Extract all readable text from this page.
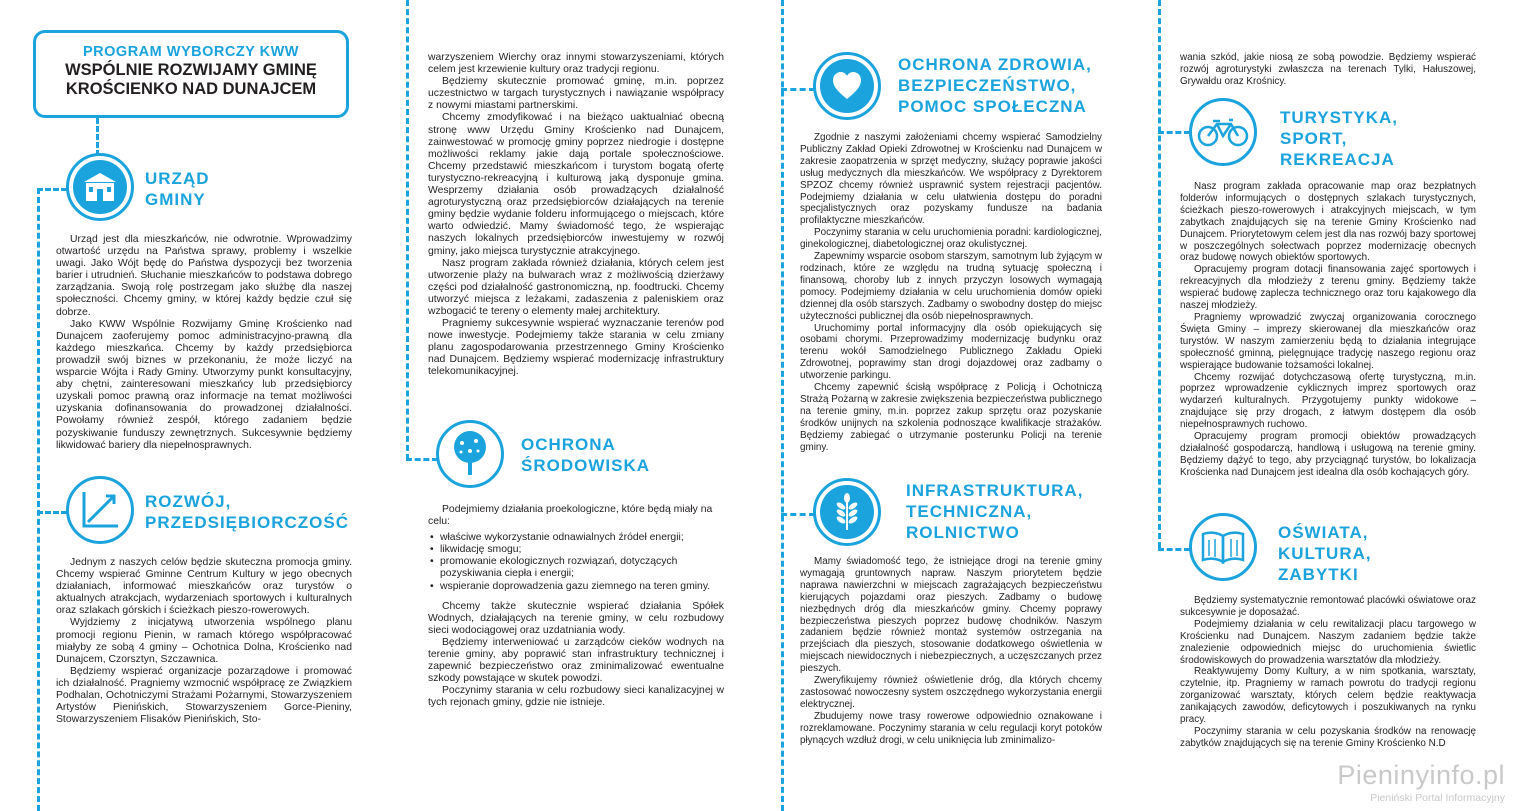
PROGRAM WYBORCZY KWW
WSPÓLNIE ROZWIJAMY GMINĘ
KROŚCIENKO NAD DUNAJCEM
URZĄD
GMINY

Urząd jest dla mieszkańców, nie odwrotnie. Wprowadzimy otwartość urzędu na Państwa sprawy, problemy i wszelkie uwagi. Jako Wójt będę do Państwa dyspozycji bez tworzenia barier i utrudnień. Słuchanie mieszkańców to podstawa dobrego zarządzania. Swoją rolę postrzegam jako służbę dla naszej społeczności. Chcemy gminy, w której każdy będzie czuł się dobrze.

Jako KWW Wspólnie Rozwijamy Gminę Krościenko nad Dunajcem zaoferujemy pomoc administracyjno-prawną dla każdego mieszkańca. Chcemy by każdy przedsiębiorca prowadził swój biznes w przekonaniu, że może liczyć na wsparcie Wójta i Rady Gminy. Utworzymy punkt konsultacyjny, aby chętni, zainteresowani mieszkańcy lub przedsiębiorcy uzyskali pomoc prawną oraz informacje na temat możliwości uzyskania dofinansowania do prowadzonej działalności. Powołamy również zespół, którego zadaniem będzie pozyskiwanie funduszy zewnętrznych. Sukcesywnie będziemy likwidować bariery dla niepełnosprawnych.

ROZWÓJ,
PRZEDSIĘBIORCZOŚĆ

Jednym z naszych celów będzie skuteczna promocja gminy. Chcemy wspierać Gminne Centrum Kultury w jego obecnych działaniach, informować mieszkańców oraz turystów o aktualnych atrakcjach, wydarzeniach sportowych i kulturalnych oraz szlakach górskich i ścieżkach pieszo-rowerowych.

Wyjdziemy z inicjatywą utworzenia wspólnego planu promocji regionu Pienin, w ramach którego współpracować miałyby ze sobą 4 gminy – Ochotnica Dolna, Krościenko nad Dunajcem, Czorsztyn, Szczawnica.

Będziemy wspierać organizacje pozarządowe i promować ich działalność. Pragniemy wzmocnić współpracę ze Związkiem Podhalan, Ochotniczymi Strażami Pożarnymi, Stowarzyszeniem Artystów Pienińskich, Stowarzyszeniem Gorce-Pieniny, Stowarzyszeniem Flisaków Pienińskich, Sto-

warzyszeniem Wierchy oraz innymi stowarzyszeniami, których celem jest krzewienie kultury oraz tradycji regionu.

Będziemy skutecznie promować gminę, m.in. poprzez uczestnictwo w targach turystycznych i nawiązanie współpracy z nowymi miastami partnerskimi.

Chcemy zmodyfikować i na bieżąco uaktualniać obecną stronę www Urzędu Gminy Krościenko nad Dunajcem, zainwestować w promocję gminy poprzez niedrogie i dostępne możliwości reklamy jakie dają portale społecznościowe. Chcemy przedstawić mieszkańcom i turystom bogatą ofertę turystyczno-rekreacyjną i kulturową jaką dysponuje gmina. Wesprzemy działania osób prowadzących działalność agroturystyczną oraz przedsiębiorców działających na terenie gminy będzie wydanie folderu informującego o miejscach, które warto odwiedzić. Mamy świadomość tego, że wspierając naszych lokalnych przedsiębiorców inwestujemy w rozwój gminy, jako miejsca turystycznie atrakcyjnego.

Nasz program zakłada również działania, których celem jest utworzenie plaży na bulwarach wraz z możliwością dzierżawy części pod działalność gastronomiczną, np. foodtrucki. Chcemy utworzyć miejsca z leżakami, zadaszenia z paleniskiem oraz wzbogacić te tereny o elementy małej architektury.

Pragniemy sukcesywnie wspierać wyznaczanie terenów pod nowe inwestycje. Podejmiemy także starania w celu zmiany planu zagospodarowania przestrzennego Gminy Krościenko nad Dunajcem. Będziemy wspierać modernizację infrastruktury telekomunikacyjnej.

OCHRONA
ŚRODOWISKA

Podejmiemy działania proekologiczne, które będą miały na celu:

• właściwe wykorzystanie odnawialnych źródeł energii;
• likwidację smogu;
• promowanie ekologicznych rozwiązań, dotyczących pozyskiwania ciepła i energii;
• wspieranie doprowadzenia gazu ziemnego na teren gminy.

Chcemy także skutecznie wspierać działania Spółek Wodnych, działających na terenie gminy, w celu rozbudowy sieci wodociągowej oraz uzdatniania wody.

Będziemy interweniować u zarządców cieków wodnych na terenie gminy, aby poprawić stan infrastruktury technicznej i zapewnić bezpieczeństwo oraz zminimalizować ewentualne szkody powstające w skutek powodzi.

Poczynimy starania w celu rozbudowy sieci kanalizacyjnej w tych rejonach gminy, gdzie nie istnieje.

OCHRONA ZDROWIA,
BEZPIECZEŃSTWO,
POMOC SPOŁECZNA

Zgodnie z naszymi założeniami chcemy wspierać Samodzielny Publiczny Zakład Opieki Zdrowotnej w Krościenku nad Dunajcem w zakresie zaopatrzenia w sprzęt medyczny, służący poprawie jakości usług medycznych dla mieszkańców. We współpracy z Dyrektorem SPZOZ chcemy również usprawnić system rejestracji pacjentów. Podejmiemy działania w celu ułatwienia dostępu do poradni specjalistycznych oraz pozyskamy fundusze na badania profilaktyczne mieszkańców.

Poczynimy starania w celu uruchomienia poradni: kardiologicznej, ginekologicznej, diabetologicznej oraz okulistycznej.

Zapewnimy wsparcie osobom starszym, samotnym lub żyjącym w rodzinach, które ze względu na trudną sytuację społeczną i finansową, choroby lub z innych przyczyn losowych wymagają pomocy. Podejmiemy działania w celu uruchomienia domów opieki dziennej dla osób starszych. Zadbamy o swobodny dostęp do miejsc użyteczności publicznej dla osób niepełnosprawnych.

Uruchomimy portal informacyjny dla osób opiekujących się osobami chorymi. Przeprowadzimy modernizację budynku oraz terenu wokół Samodzielnego Publicznego Zakładu Opieki Zdrowotnej, poprawimy stan drogi dojazdowej oraz zadbamy o utworzenie parkingu.

Chcemy zapewnić ścisłą współpracę z Policją i Ochotniczą Strażą Pożarną w zakresie zwiększenia bezpieczeństwa publicznego na terenie gminy, m.in. poprzez zakup sprzętu oraz pozyskanie środków unijnych na szkolenia podnoszące kwalifikacje strażaków. Będziemy zabiegać o utrzymanie posterunku Policji na terenie gminy.

INFRASTRUKTURA,
TECHNICZNA,
ROLNICTWO

Mamy świadomość tego, że istniejące drogi na terenie gminy wymagają gruntownych napraw. Naszym priorytetem będzie naprawa nawierzchni w miejscach zagrażających bezpieczeństwu kierujących pojazdami oraz pieszych. Zadbamy o budowę niezbędnych dróg dla mieszkańców gminy. Chcemy poprawy bezpieczeństwa pieszych poprzez budowę chodników. Naszym zadaniem będzie również montaż systemów ostrzegania na przejściach dla pieszych, stosowanie dodatkowego oświetlenia w miejscach niewidocznych i niebezpiecznych, a uczęszczanych przez pieszych.

Zweryfikujemy również oświetlenie dróg, dla których chcemy zastosować nowoczesny system oszczędnego wykorzystania energii elektrycznej.

Zbudujemy nowe trasy rowerowe odpowiednio oznakowane i rozreklamowane. Poczynimy starania w celu regulacji koryt potoków płynących wzdłuż drogi, w celu uniknięcia lub zminimalizo-

wania szkód, jakie niosą ze sobą powodzie. Będziemy wspierać rozwój agroturystyki zwłaszcza na terenach Tylki, Hałuszowej, Grywałdu oraz Krośnicy.

TURYSTYKA,
SPORT,
REKREACJA

Nasz program zakłada opracowanie map oraz bezpłatnych folderów informujących o dostępnych szlakach turystycznych, ścieżkach pieszo-rowerowych i atrakcyjnych miejscach, w tym zabytkach znajdujących się na terenie Gminy Krościenko nad Dunajcem. Priorytetowym celem jest dla nas rozwój bazy sportowej w poszczególnych sołectwach poprzez modernizację obecnych oraz budowę nowych obiektów sportowych.

Opracujemy program dotacji finansowania zajęć sportowych i rekreacyjnych dla młodzieży z terenu gminy. Będziemy także wspierać budowę zaplecza technicznego oraz toru kajakowego dla naszej młodzieży.

Pragniemy wprowadzić zwyczaj organizowania corocznego Święta Gminy – imprezy skierowanej dla mieszkańców oraz turystów. W naszym zamierzeniu będą to działania integrujące społeczność gminną, pielęgnujące tradycję naszego regionu oraz wspierające budowanie tożsamości lokalnej.

Chcemy rozwijać dotychczasową ofertę turystyczną, m.in. poprzez wprowadzenie cyklicznych imprez sportowych oraz wydarzeń kulturalnych. Przygotujemy punkty widokowe – znajdujące się przy drogach, z łatwym dostępem dla osób niepełnosprawnych ruchowo.

Opracujemy program promocji obiektów prowadzących działalność gospodarczą, handlową i usługową na terenie gminy. Będziemy dążyć to tego, aby przyciągnąć turystów, bo lokalizacja Krościenka nad Dunajcem jest idealna dla osób kochających góry.

OŚWIATA,
KULTURA,
ZABYTKI

Będziemy systematycznie remontować placówki oświatowe oraz sukcesywnie je doposażać.

Podejmiemy działania w celu rewitalizacji placu targowego w Krościenku nad Dunajcem. Naszym zadaniem będzie także znalezienie odpowiednich miejsc do uruchomienia świetlic środowiskowych do prowadzenia warsztatów dla młodzieży.

Reaktywujemy Domy Kultury, a w nim spotkania, warsztaty, czytelnie, itp. Pragniemy w ramach powrotu do tradycji regionu zorganizować warsztaty, których celem będzie reaktywacja zanikających zawodów, deficytowych i poszukiwanych na rynku pracy.

Poczynimy starania w celu pozyskania środków na renowację zabytków znajdujących się na terenie Gminy Krościenko N.D

Pieninyinfo.pl
Pieniński Portal Informacyjny
